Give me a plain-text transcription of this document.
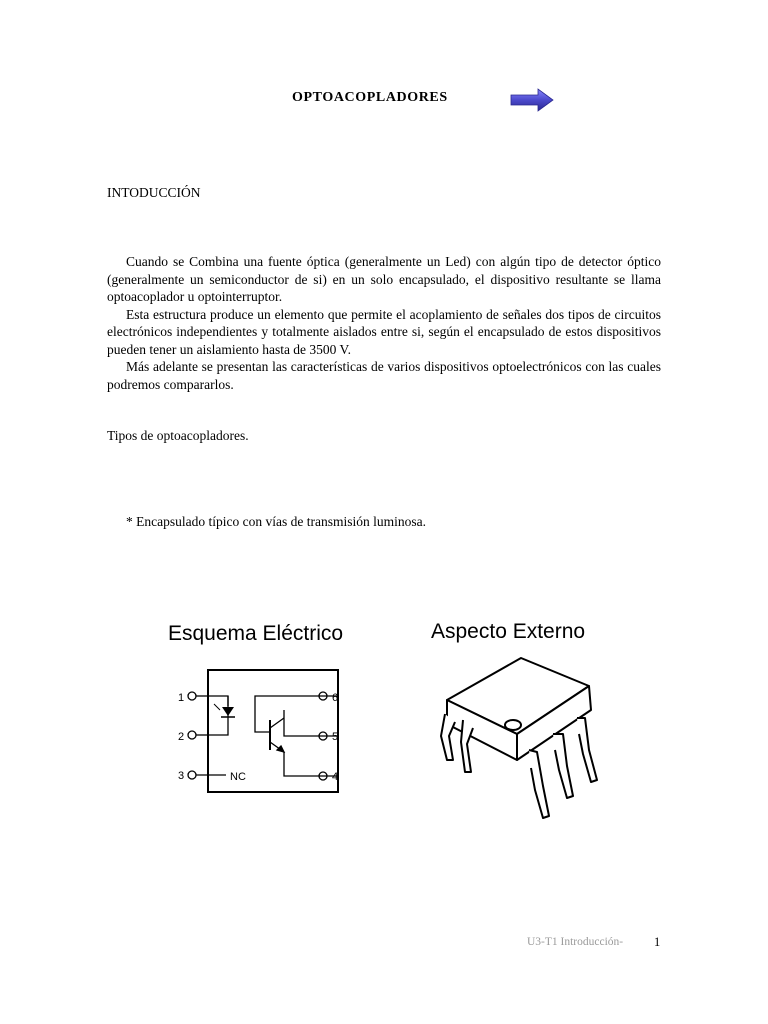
OPTOACOPLADORES
INTODUCCIÓN

Cuando se Combina una fuente óptica (generalmente un Led) con algún tipo de detector óptico (generalmente un semiconductor de si) en un solo encapsulado, el dispositivo resultante se llama optoacoplador u optointerruptor.

Esta estructura produce un elemento que permite el acoplamiento de señales dos tipos de circuitos electrónicos independientes y totalmente aislados entre si, según el encapsulado de estos dispositivos pueden tener un aislamiento hasta de 3500 V.

Más adelante se presentan las características de varios dispositivos optoelectrónicos con las cuales podremos compararlos.

Tipos de optoacopladores.
* Encapsulado típico con vías de transmisión luminosa.
Esquema Eléctrico
1
2
3
6
5
4
NC
Aspecto Externo
U3-T1 Introducción- 1
